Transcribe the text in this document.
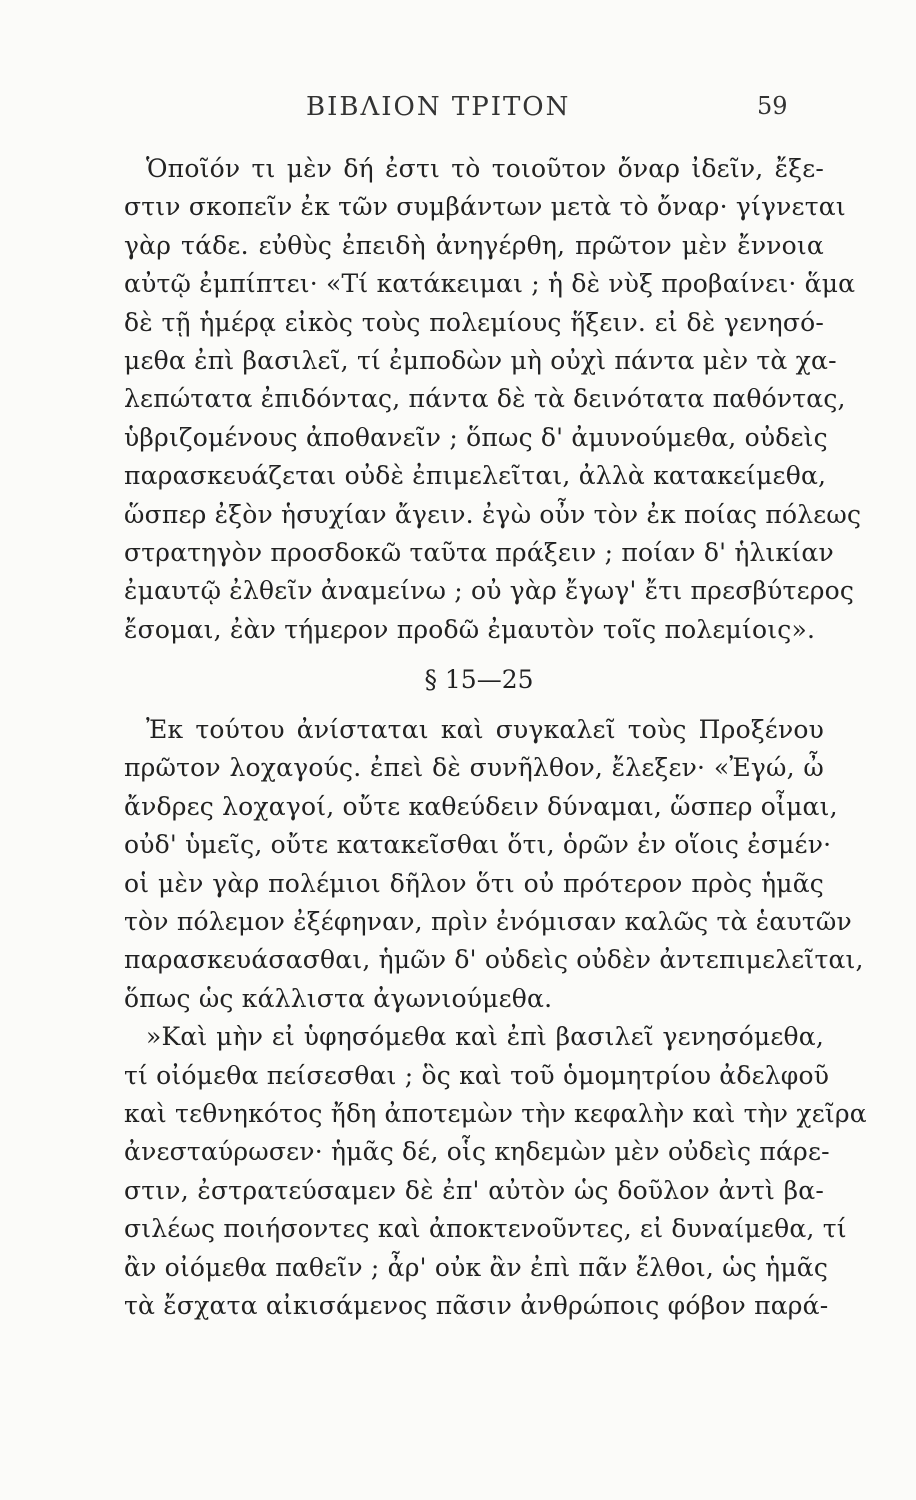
ΒΙΒΛΙΟΝ ΤΡΙΤΟΝ	59
Ὁποῖόν τι μὲν δή ἐστι τὸ τοιοῦτον ὄναρ ἰδεῖν, ἔξε-
στιν σκοπεῖν ἐκ τῶν συμβάντων μετὰ τὸ ὄναρ· γίγνεται
γὰρ τάδε. εὐθὺς ἐπειδὴ ἀνηγέρθη, πρῶτον μὲν ἔννοια
αὐτῷ ἐμπίπτει· «Τί κατάκειμαι ; ἡ δὲ νὺξ προβαίνει· ἅμα
δὲ τῇ ἡμέρᾳ εἰκὸς τοὺς πολεμίους ἥξειν. εἰ δὲ γενησό-
μεθα ἐπὶ βασιλεῖ, τί ἐμποδὼν μὴ οὐχὶ πάντα μὲν τὰ χα-
λεπώτατα ἐπιδόντας, πάντα δὲ τὰ δεινότατα παθόντας,
ὑβριζομένους ἀποθανεῖν ; ὅπως δ' ἀμυνούμεθα, οὐδεὶς
παρασκευάζεται οὐδὲ ἐπιμελεῖται, ἀλλὰ κατακείμεθα,
ὥσπερ ἐξὸν ἡσυχίαν ἄγειν. ἐγὼ οὖν τὸν ἐκ ποίας πόλεως
στρατηγὸν προσδοκῶ ταῦτα πράξειν ; ποίαν δ' ἡλικίαν
ἐμαυτῷ ἐλθεῖν ἀναμείνω ; οὐ γὰρ ἔγωγ' ἔτι πρεσβύτερος
ἔσομαι, ἐὰν τήμερον προδῶ ἐμαυτὸν τοῖς πολεμίοις».
§ 15—25
Ἐκ τούτου ἀνίσταται καὶ συγκαλεῖ τοὺς Προξένου
πρῶτον λοχαγούς. ἐπεὶ δὲ συνῆλθον, ἔλεξεν· «Ἐγώ, ὦ
ἄνδρες λοχαγοί, οὔτε καθεύδειν δύναμαι, ὥσπερ οἶμαι,
οὐδ' ὑμεῖς, οὔτε κατακεῖσθαι ὅτι, ὁρῶν ἐν οἵοις ἐσμέν·
οἱ μὲν γὰρ πολέμιοι δῆλον ὅτι οὐ πρότερον πρὸς ἡμᾶς
τὸν πόλεμον ἐξέφηναν, πρὶν ἐνόμισαν καλῶς τὰ ἑαυτῶν
παρασκευάσασθαι, ἡμῶν δ' οὐδεὶς οὐδὲν ἀντεπιμελεῖται,
ὅπως ὡς κάλλιστα ἀγωνιούμεθα.
»Καὶ μὴν εἰ ὑφησόμεθα καὶ ἐπὶ βασιλεῖ γενησόμεθα,
τί οἰόμεθα πείσεσθαι ; ὃς καὶ τοῦ ὁμομητρίου ἀδελφοῦ
καὶ τεθνηκότος ἤδη ἀποτεμὼν τὴν κεφαλὴν καὶ τὴν χεῖρα
ἀνεσταύρωσεν· ἡμᾶς δέ, οἷς κηδεμὼν μὲν οὐδεὶς πάρε-
στιν, ἐστρατεύσαμεν δὲ ἐπ' αὐτὸν ὡς δοῦλον ἀντὶ βα-
σιλέως ποιήσοντες καὶ ἀποκτενοῦντες, εἰ δυναίμεθα, τί
ἂν οἰόμεθα παθεῖν ; ἆρ' οὐκ ἂν ἐπὶ πᾶν ἔλθοι, ὡς ἡμᾶς
τὰ ἔσχατα αἰκισάμενος πᾶσιν ἀνθρώποις φόβον παρά-
